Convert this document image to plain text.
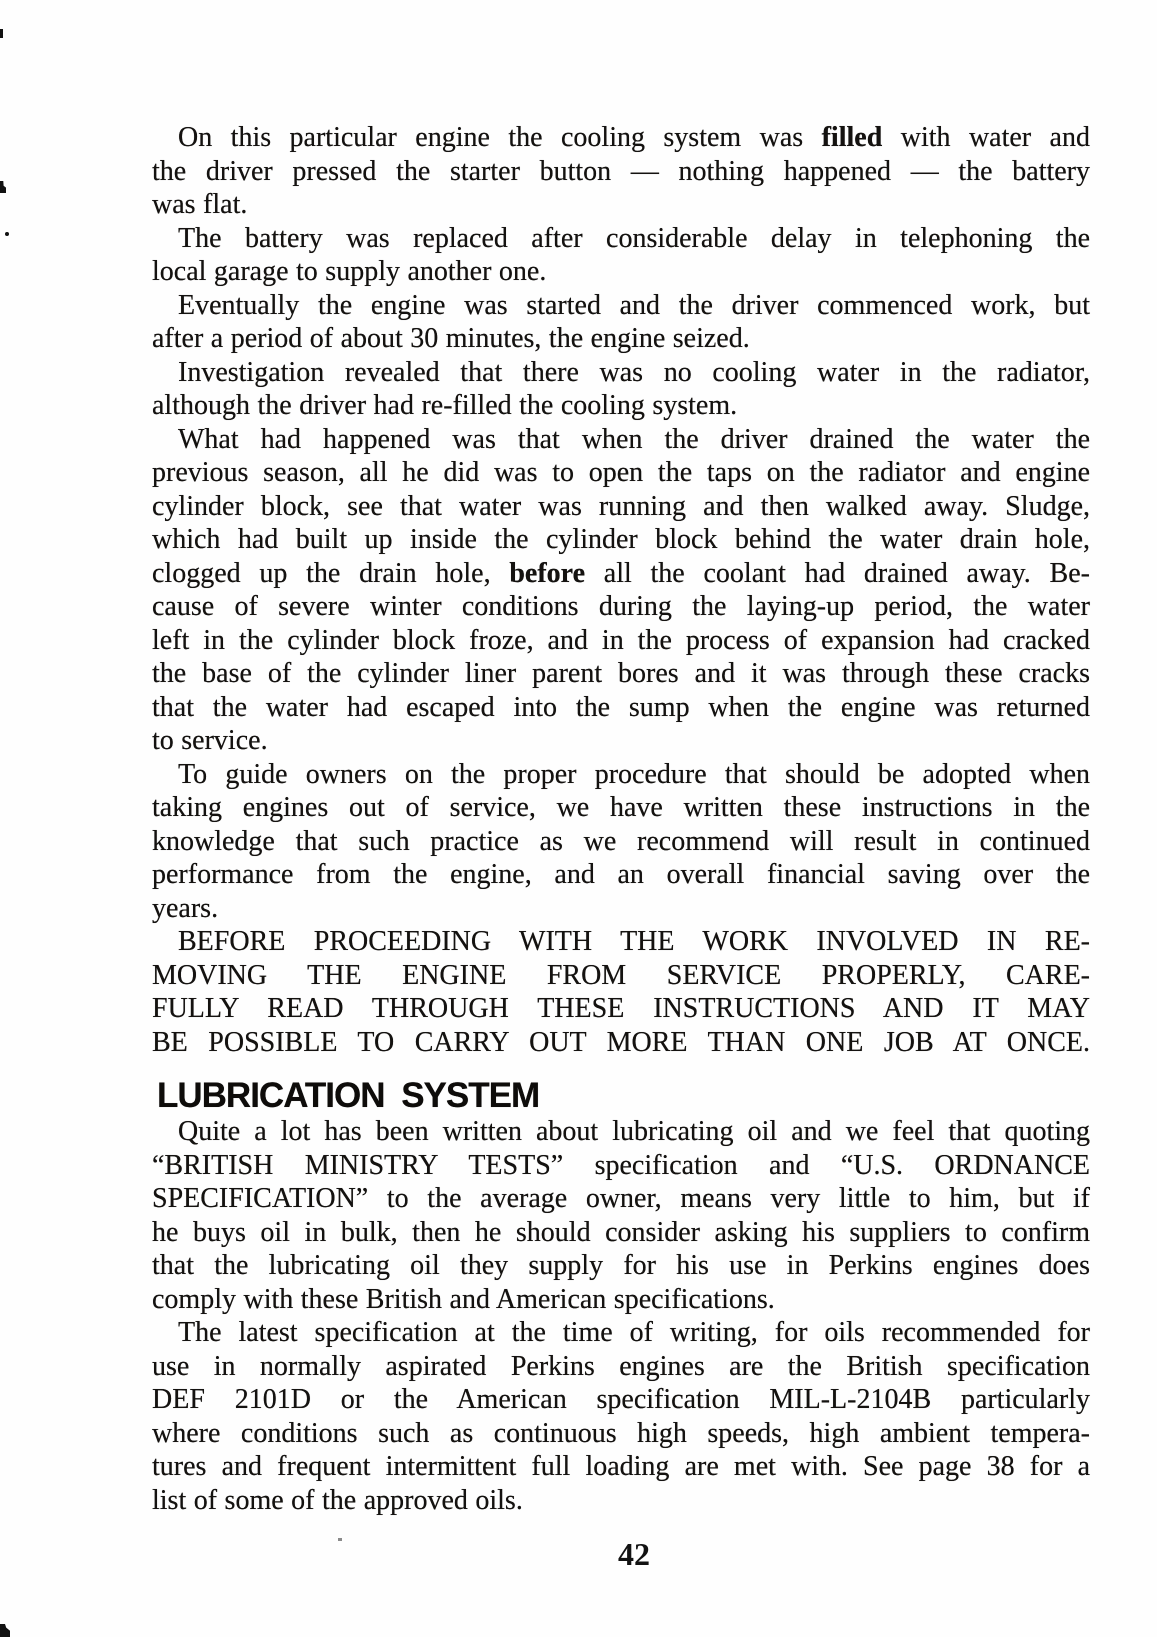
On this particular engine the cooling system was filled with water and
the driver pressed the starter button — nothing happened — the battery
was flat.
The battery was replaced after considerable delay in telephoning the
local garage to supply another one.
Eventually the engine was started and the driver commenced work, but
after a period of about 30 minutes, the engine seized.
Investigation revealed that there was no cooling water in the radiator,
although the driver had re-filled the cooling system.
What had happened was that when the driver drained the water the
previous season, all he did was to open the taps on the radiator and engine
cylinder block, see that water was running and then walked away. Sludge,
which had built up inside the cylinder block behind the water drain hole,
clogged up the drain hole, before all the coolant had drained away. Be-
cause of severe winter conditions during the laying-up period, the water
left in the cylinder block froze, and in the process of expansion had cracked
the base of the cylinder liner parent bores and it was through these cracks
that the water had escaped into the sump when the engine was returned
to service.
To guide owners on the proper procedure that should be adopted when
taking engines out of service, we have written these instructions in the
knowledge that such practice as we recommend will result in continued
performance from the engine, and an overall financial saving over the
years.
BEFORE PROCEEDING WITH THE WORK INVOLVED IN RE-
MOVING THE ENGINE FROM SERVICE PROPERLY, CARE-
FULLY READ THROUGH THESE INSTRUCTIONS AND IT MAY
BE POSSIBLE TO CARRY OUT MORE THAN ONE JOB AT ONCE.
LUBRICATION SYSTEM
Quite a lot has been written about lubricating oil and we feel that quoting
“BRITISH MINISTRY TESTS” specification and “U.S. ORDNANCE
SPECIFICATION” to the average owner, means very little to him, but if
he buys oil in bulk, then he should consider asking his suppliers to confirm
that the lubricating oil they supply for his use in Perkins engines does
comply with these British and American specifications.
The latest specification at the time of writing, for oils recommended for
use in normally aspirated Perkins engines are the British specification
DEF 2101D or the American specification MIL-L-2104B particularly
where conditions such as continuous high speeds, high ambient tempera-
tures and frequent intermittent full loading are met with. See page 38 for a
list of some of the approved oils.
42
